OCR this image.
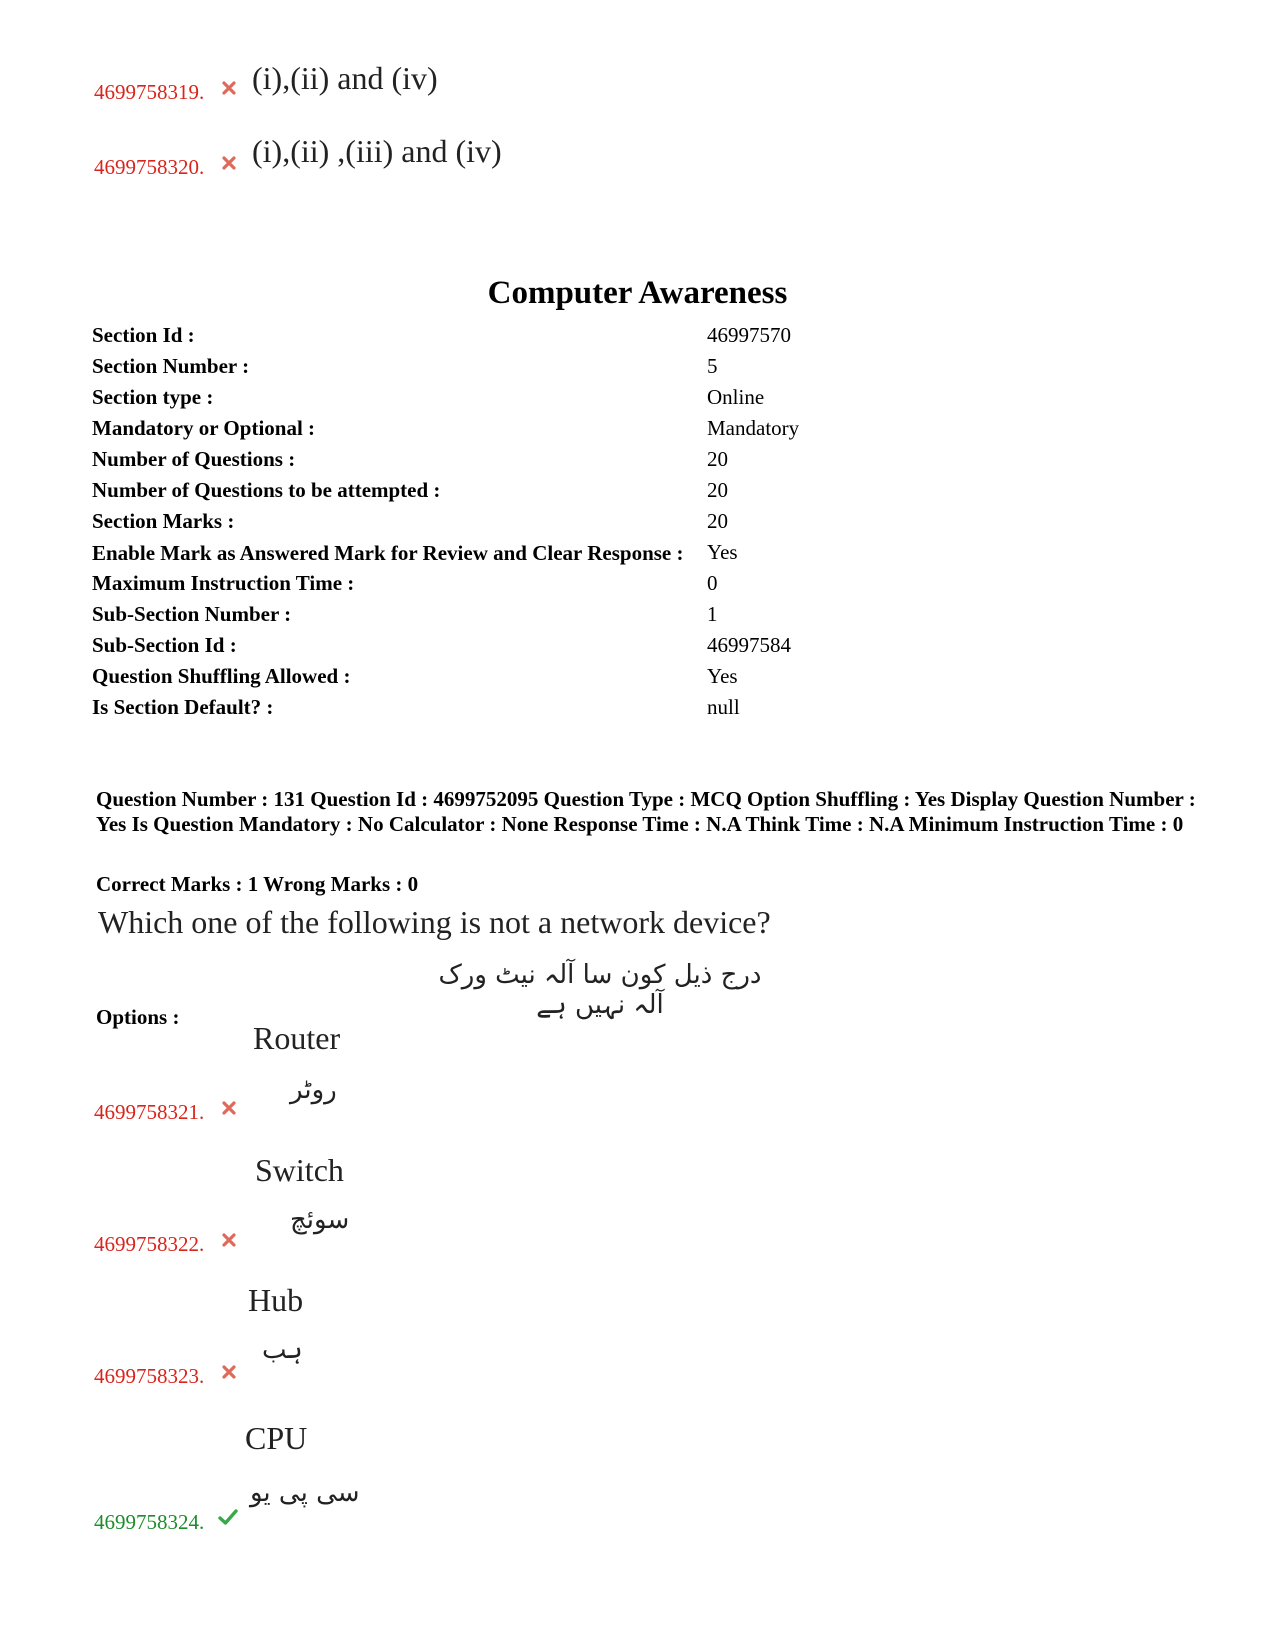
4699758319. (i),(ii) and (iv)
4699758320. (i),(ii) ,(iii) and (iv)
Computer Awareness
Section Id :	46997570
Section Number :	5
Section type :	Online
Mandatory or Optional :	Mandatory
Number of Questions :	20
Number of Questions to be attempted :	20
Section Marks :	20
Enable Mark as Answered Mark for Review and Clear Response :	Yes
Maximum Instruction Time :	0
Sub-Section Number :	1
Sub-Section Id :	46997584
Question Shuffling Allowed :	Yes
Is Section Default? :	null
Question Number : 131 Question Id : 4699752095 Question Type : MCQ Option Shuffling : Yes Display Question Number : Yes Is Question Mandatory : No Calculator : None Response Time : N.A Think Time : N.A Minimum Instruction Time : 0
Correct Marks : 1 Wrong Marks : 0
Which one of the following is not a network device?
درج ذیل کون سا آلہ نیٹ ورک آلہ نہیں ہے
Options :
Router
روٹر
4699758321.
Switch
سوئچ
4699758322.
Hub
ہب
4699758323.
CPU
سی پی یو
4699758324.
